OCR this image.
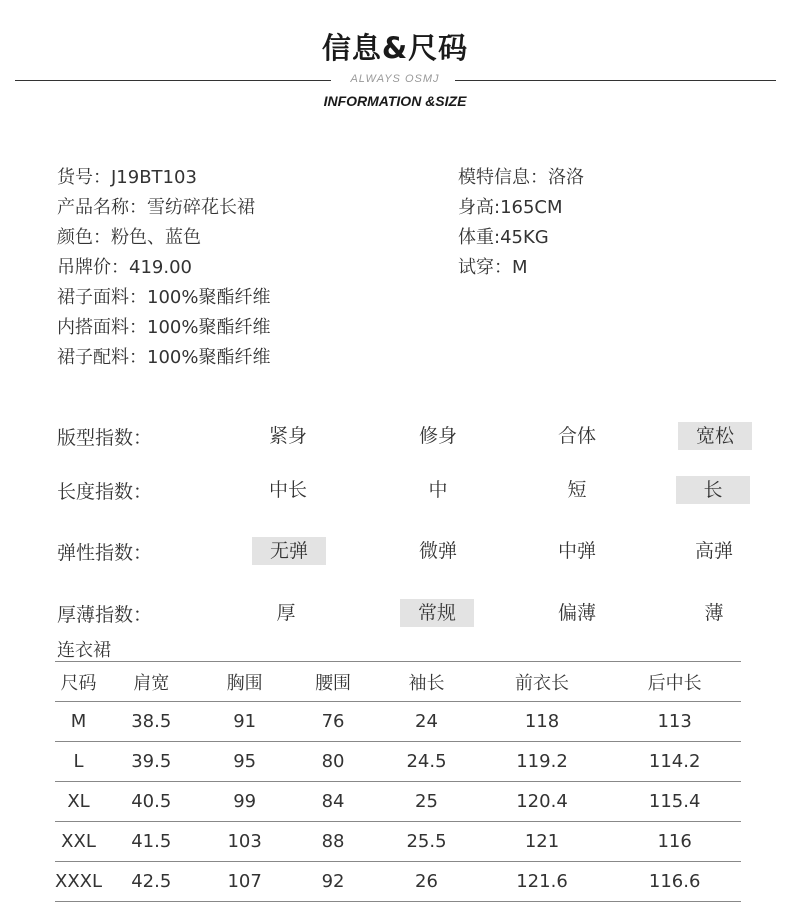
信息&尺码
ALWAYS OSMJ
INFORMATION &SIZE
货号：J19BT103
产品名称：雪纺碎花长裙
颜色：粉色、蓝色
吊牌价：419.00
裙子面料：100%聚酯纤维
内搭面料：100%聚酯纤维
裙子配料：100%聚酯纤维
模特信息：洛洛
身高:165CM
体重:45KG
试穿：M
版型指数：	紧身	修身	合体	宽松
长度指数：	中长	中	短	长
弹性指数：	无弹	微弹	中弹	高弹
厚薄指数：	厚	常规	偏薄	薄
连衣裙
尺码	肩宽	胸围	腰围	袖长	前衣长	后中长
M	38.5	91	76	24	118	113
L	39.5	95	80	24.5	119.2	114.2
XL	40.5	99	84	25	120.4	115.4
XXL	41.5	103	88	25.5	121	116
XXXL	42.5	107	92	26	121.6	116.6
